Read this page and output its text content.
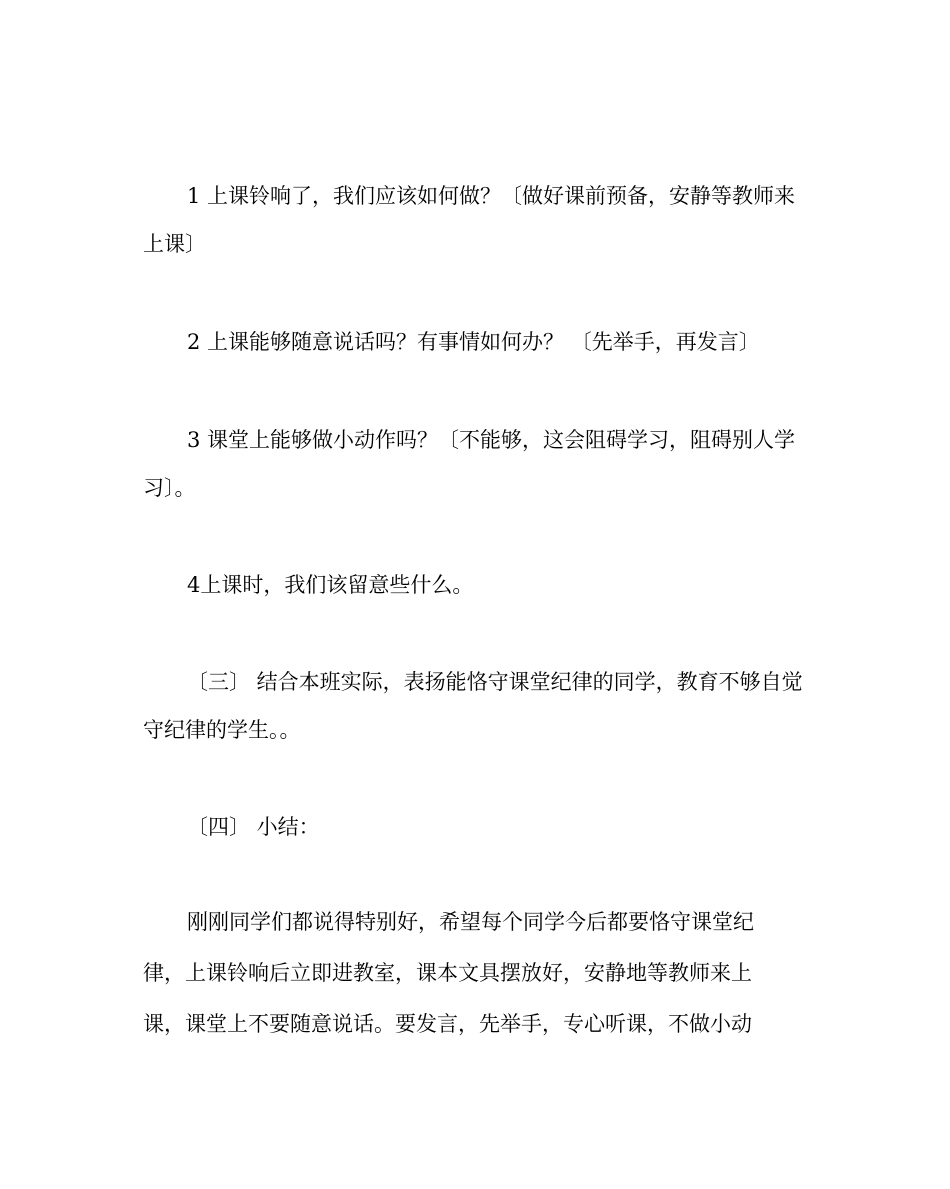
1 上课铃响了，我们应该如何做？〔做好课前预备，安静等教师来上课〕

2 上课能够随意说话吗？有事情如何办？ 〔先举手，再发言〕

3 课堂上能够做小动作吗？〔不能够，这会阻碍学习，阻碍别人学习〕。

4上课时，我们该留意些什么。

〔三〕 结合本班实际，表扬能恪守课堂纪律的同学，教育不够自觉守纪律的学生。。

〔四〕 小结：

刚刚同学们都说得特别好，希望每个同学今后都要恪守课堂纪
律，上课铃响后立即进教室，课本文具摆放好，安静地等教师来上
课，课堂上不要随意说话。要发言，先举手，专心听课，不做小动
